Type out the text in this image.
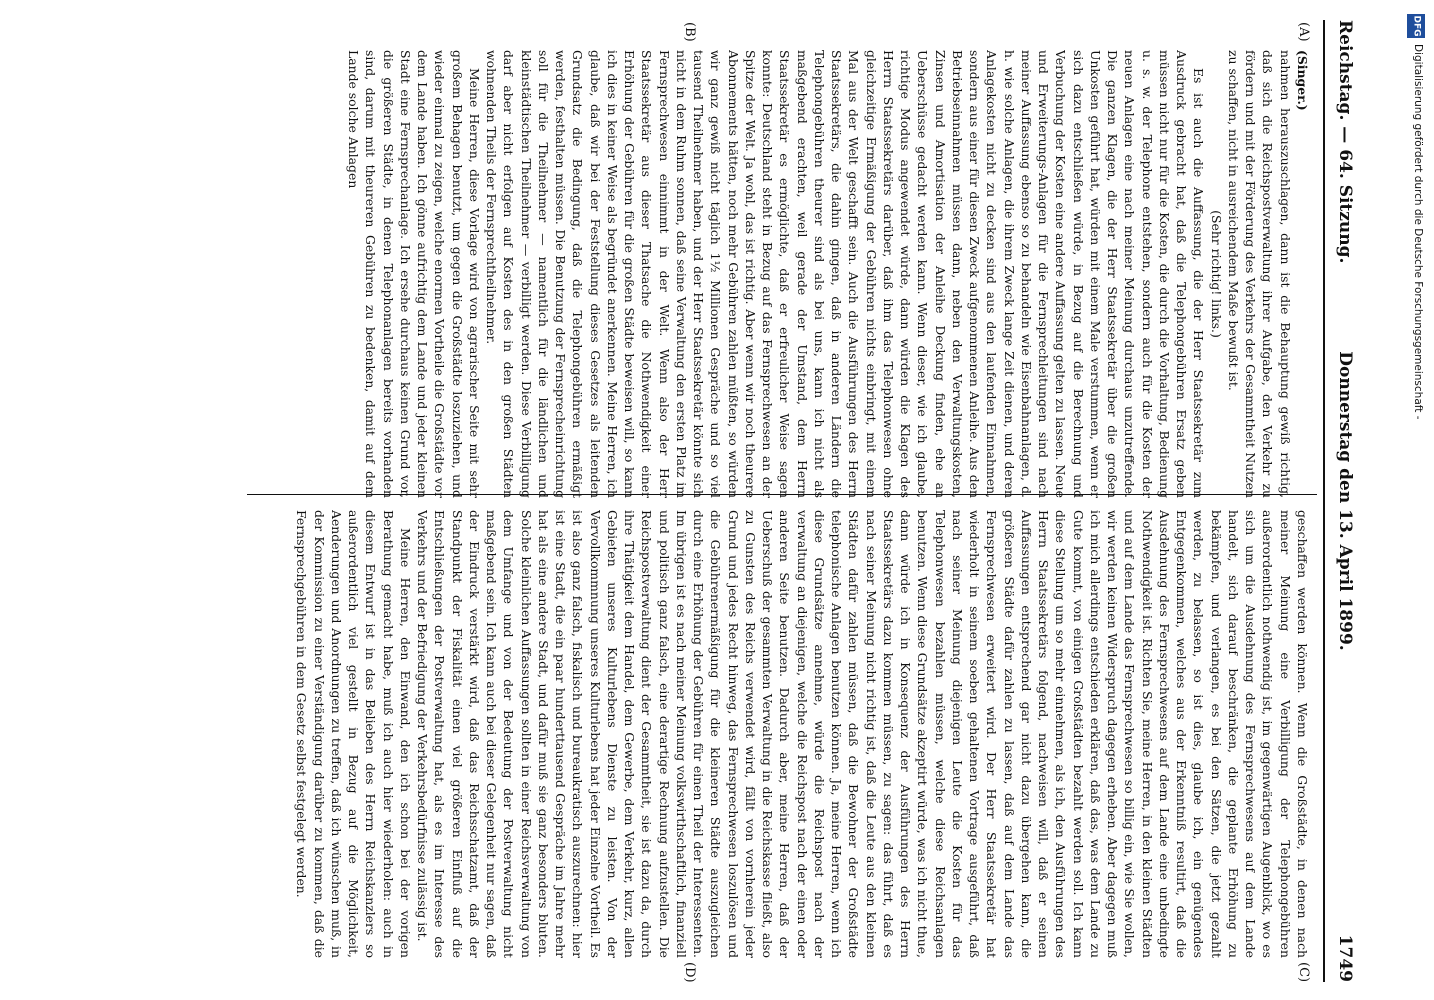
Reichstag. — 64. Sitzung.
Donnerstag den 13. April 1899.
1749
(A)
(B)
(C)
(D)

(Singer.)

nahmen herauszuschlagen, dann ist die Behauptung gewiß richtig, daß sich die Reichspostverwaltung ihrer Aufgabe, den Verkehr zu fördern und mit der Förderung des Verkehrs der Gesammtheit Nutzen zu schaffen, nicht in ausreichendem Maße bewußt ist.

(Sehr richtig! links.)

Es ist auch die Auffassung, die der Herr Staatssekretär zum Ausdruck gebracht hat, daß die Telephongebühren Ersatz geben müssen nicht nur für die Kosten, die durch die Vorhaltung, Bedienung u. s. w. der Telephone entstehen, sondern auch für die Kosten der neuen Anlagen eine nach meiner Meinung durchaus unzutreffende. Die ganzen Klagen, die der Herr Staatssekretär über die großen Unkosten geführt hat, würden mit einem Male verstummen, wenn er sich dazu entschließen würde, in Bezug auf die Berechnung und Verbuchung der Kosten eine andere Auffassung gelten zu lassen. Neue und Erweiterungs-Anlagen für die Fernsprechleitungen sind nach meiner Auffassung ebenso so zu behandeln wie Eisenbahnanlagen, d. h. wie solche Anlagen, die ihrem Zweck lange Zeit dienen, und deren Anlagekosten nicht zu decken sind aus den laufenden Einnahmen, sondern aus einer für diesen Zweck aufgenommenen Anleihe. Aus den Betriebseinnahmen müssen dann, neben den Verwaltungskosten, Zinsen und Amortisation der Anleihe Deckung finden, ehe an Ueberschüsse gedacht werden kann. Wenn dieser, wie ich glaube, richtige Modus angewendet würde, dann würden die Klagen des Herrn Staatssekretärs darüber, daß ihm das Telephonwesen ohne gleichzeitige Ermäßigung der Gebühren nichts einbringt, mit einem Mal aus der Welt geschafft sein. Auch die Ausführungen des Herrn Staatssekretärs, die dahin gingen, daß in anderen Ländern die Telephongebühren theurer sind als bei uns, kann ich nicht als maßgebend erachten, weil gerade der Umstand, dem Herrn Staatssekretär es ermöglichte, daß er erfreulicher Weise sagen konnte: Deutschland steht in Bezug auf das Fernsprechwesen an der Spitze der Welt. Ja wohl, das ist richtig. Aber wenn wir noch theurere Abonnements hätten, noch mehr Gebühren zahlen müßten, so würden wir ganz gewiß nicht täglich 1½ Millionen Gespräche und so viel tausend Theilnehmer haben, und der Herr Staatssekretär könnte sich nicht in dem Ruhm sonnen, daß seine Verwaltung den ersten Platz im Fernsprechwesen einnimmt in der Welt. Wenn also der Herr Staatssekretär aus dieser Thatsache die Nothwendigkeit einer Erhöhung der Gebühren für die großen Städte beweisen will, so kann ich dies in keiner Weise als begründet anerkennen. Meine Herren, ich glaube, daß wir bei der Feststellung dieses Gesetzes als leitenden Grundsatz die Bedingung, daß die Telephongebühren ermäßigt werden, festhalten müssen. Die Benutzung der Fernsprecheinrichtung soll für die Theilnehmer — namentlich für die ländlichen und kleinstädtischen Theilnehmer — verbilligt werden. Diese Verbilligung darf aber nicht erfolgen auf Kosten des in den großen Städten wohnenden Theils der Fernsprechtheilnehmer.

Meine Herren, diese Vorlage wird von agrarischer Seite mit sehr großem Behagen benutzt, um gegen die Großstädte loszuziehen, und wieder einmal zu zeigen, welche enormen Vortheile die Großstädte vor dem Lande haben. Ich gönne aufrichtig dem Lande und jeder kleinen Stadt eine Fernsprechanlage. Ich ersehe durchaus keinen Grund vor, die größeren Städte, in denen Telephonanlagen bereits vorhanden sind, darum mit theureren Gebühren zu bedenken, damit auf dem Lande solche Anlagen

geschaffen werden können. Wenn die Großstädte, in denen nach meiner Meinung eine Verbilligung der Telephongebühren außerordentlich nothwendig ist, im gegenwärtigen Augenblick, wo es sich um die Ausdehnung des Fernsprechwesens auf dem Lande handelt, sich darauf beschränken, die geplante Erhöhung zu bekämpfen, und verlangen, es bei den Sätzen, die jetzt gezahlt werden, zu belassen, so ist dies, glaube ich, ein genügendes Entgegenkommen, welches aus der Erkenntniß resultirt, daß die Ausdehnung des Fernsprechwesens auf dem Lande eine unbedingte Nothwendigkeit ist. Richten Sie, meine Herren, in den kleinen Städten und auf dem Lande das Fernsprechwesen so billig ein, wie Sie wollen, wir werden keinen Widerspruch dagegen erheben. Aber dagegen muß ich mich allerdings entschieden erklären, daß das, was dem Lande zu Gute kommt, von einigen Großstädten bezahlt werden soll. Ich kann diese Stellung um so mehr einnehmen, als ich, den Ausführungen des Herrn Staatssekretärs folgend, nachweisen will, daß er seinen Auffassungen entsprechend gar nicht dazu übergehen kann, die größeren Städte dafür zahlen zu lassen, daß auf dem Lande das Fernsprechwesen erweitert wird. Der Herr Staatssekretär hat wiederholt in seinem soeben gehaltenen Vortrage ausgeführt, daß nach seiner Meinung diejenigen Leute die Kosten für das Telephonwesen bezahlen müssen, welche diese Reichsanlagen benutzen. Wenn diese Grundsätze akzeptirt würde, was ich nicht thue, dann würde ich in Konsequenz der Ausführungen des Herrn Staatssekretärs dazu kommen müssen, zu sagen: das führt, daß es nach seiner Meinung nicht richtig ist, daß die Leute aus den kleinen Städten dafür zahlen müssen, daß die Bewohner der Großstädte telephonische Anlagen benutzen können. Ja, meine Herren, wenn ich diese Grundsätze annehme, würde die Reichspost nach der verwaltung an diejenigen, welche die Reichspost nach der einen oder anderen Seite benutzen. Dadurch aber, meine Herren, daß der Ueberschuß der gesammten Verwaltung in die Reichskasse fließt, also zu Gunsten des Reichs verwendet wird, fällt von vornherein jeder Grund und jedes Recht hinweg, das Fernsprechwesen loszulösen und die Gebührenermäßigung für die kleineren Städte auszugleichen durch eine Erhöhung der Gebühren für einen Theil der Interessenten. Im übrigen ist es nach meiner Meinung volkswirthschaftlich, finanziell und politisch ganz falsch, eine derartige Rechnung aufzustellen. Die Reichspostverwaltung dient der Gesammtheit, sie ist dazu da, durch ihre Thätigkeit dem Handel, dem Gewerbe, dem Verkehr, kurz, allen Gebieten unseres Kulturlebens Dienste zu leisten. Von der Vervollkommnung unseres Kulturlebens hat jeder Einzelne Vortheil. Es ist also ganz falsch, fiskalisch und bureaukratisch auszurechnen: hier ist eine Stadt, die ein paar hunderttausend Gespräche im Jahre mehr hat als eine andere Stadt, und dafür muß sie ganz besonders bluten. Solche kleinlichen Auffassungen sollten in einer Reichsverwaltung von dem Umfange und von der Bedeutung der Postverwaltung nicht maßgebend sein. Ich kann auch bei dieser Gelegenheit nur sagen, daß der Eindruck verstärkt wird, daß das Reichsschatzamt, daß der Standpunkt der Fiskalität einen viel größeren Einfluß auf die Entschließungen der Postverwaltung hat, als es im Interesse des Verkehrs und der Befriedigung der Verkehrsbedürfnisse zulässig ist.

Meine Herren, den Einwand, den ich schon bei der vorigen Berathung gemacht habe, muß ich auch hier wiederholen: auch in diesem Entwurf ist in das Belieben des Herrn Reichskanzlers so außerordentlich viel gestellt in Bezug auf die Möglichkeit, Aenderungen und Anordnungen zu treffen, daß ich wünschen muß, in der Kommission zu einer Verständigung darüber zu kommen, daß die Fernsprechgebühren in dem Gesetz selbst festgelegt werden.

DFG
Digitalisierung gefördert durch die Deutsche Forschungsgemeinschaft -
